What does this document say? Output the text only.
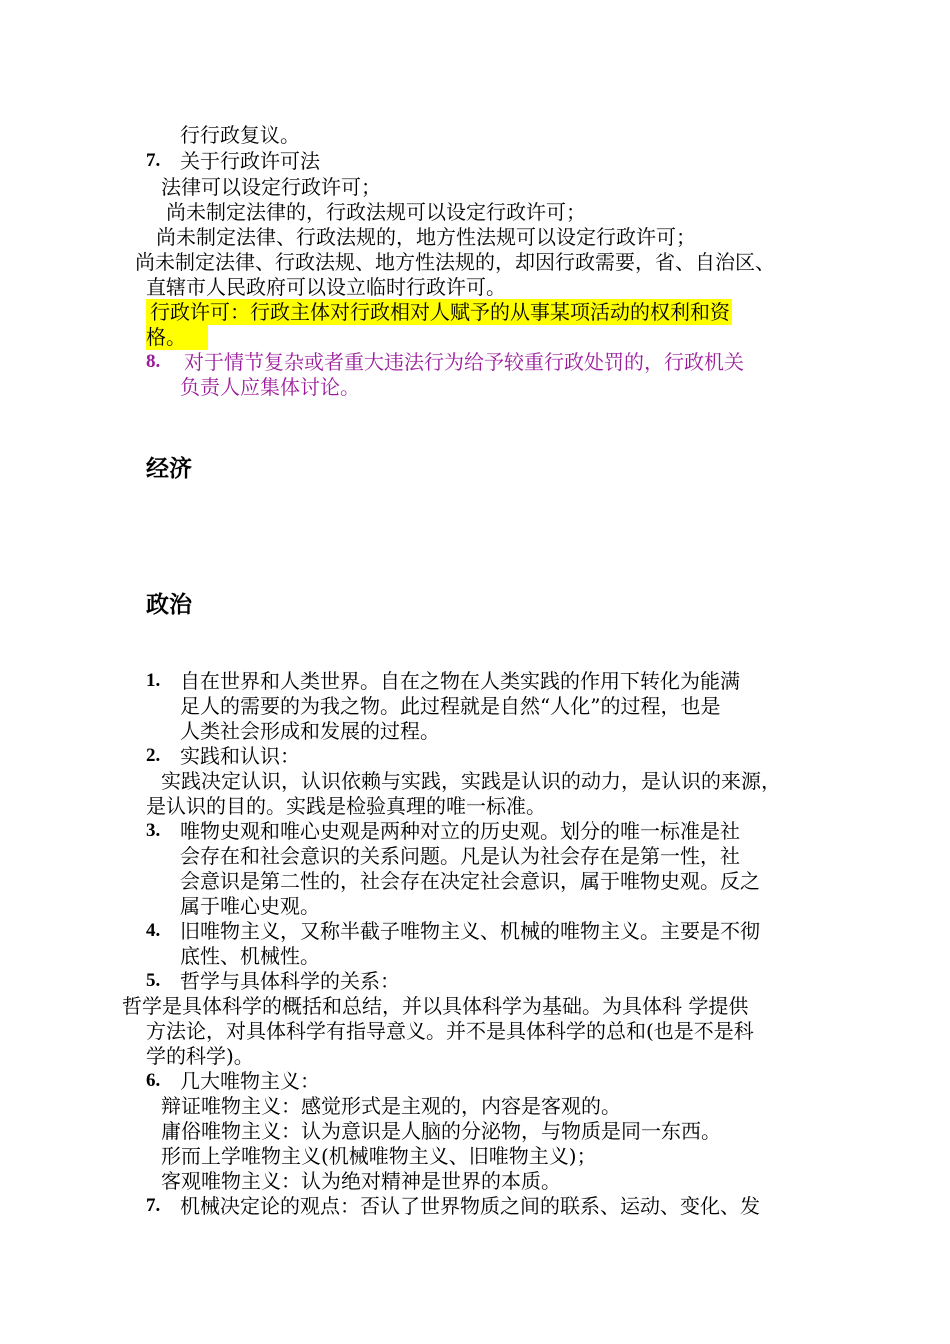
行行政复议。
7. 关于行政许可法
法律可以设定行政许可；
尚未制定法律的，行政法规可以设定行政许可；
尚未制定法律、行政法规的，地方性法规可以设定行政许可；
尚未制定法律、行政法规、地方性法规的，却因行政需要，省、自治区、
直辖市人民政府可以设立临时行政许可。
行政许可：行政主体对行政相对人赋予的从事某项活动的权利和资
格。
8. 对于情节复杂或者重大违法行为给予较重行政处罚的，行政机关
负责人应集体讨论。
经济
政治
1. 自在世界和人类世界。自在之物在人类实践的作用下转化为能满
足人的需要的为我之物。此过程就是自然“人化”的过程，也是
人类社会形成和发展的过程。
2. 实践和认识：
实践决定认识，认识依赖与实践，实践是认识的动力，是认识的来源，
是认识的目的。实践是检验真理的唯一标准。
3. 唯物史观和唯心史观是两种对立的历史观。划分的唯一标准是社
会存在和社会意识的关系问题。凡是认为社会存在是第一性，社
会意识是第二性的，社会存在决定社会意识，属于唯物史观。反之
属于唯心史观。
4. 旧唯物主义，又称半截子唯物主义、机械的唯物主义。主要是不彻
底性、机械性。
5. 哲学与具体科学的关系：
哲学是具体科学的概括和总结，并以具体科学为基础。为具体科 学提供
方法论，对具体科学有指导意义。并不是具体科学的总和(也是不是科
学的科学)。
6. 几大唯物主义：
辩证唯物主义：感觉形式是主观的，内容是客观的。
庸俗唯物主义：认为意识是人脑的分泌物，与物质是同一东西。
形而上学唯物主义(机械唯物主义、旧唯物主义)；
客观唯物主义：认为绝对精神是世界的本质。
7. 机械决定论的观点：否认了世界物质之间的联系、运动、变化、发
